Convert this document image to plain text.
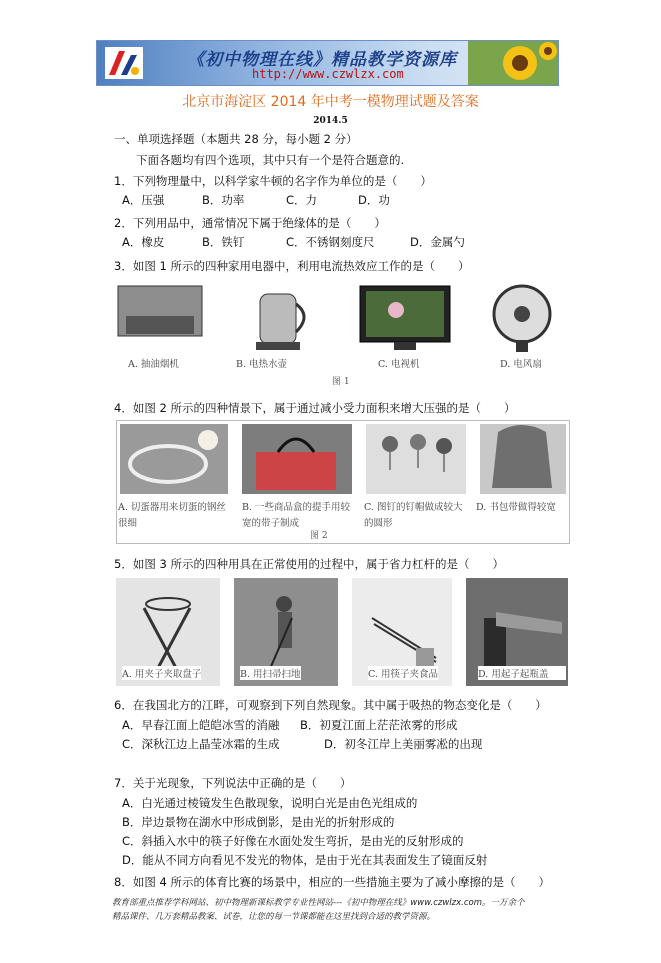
《初中物理在线》精品教学资源库
http://www.czwlzx.com
北京市海淀区 2014 年中考一模物理试题及答案
2014.5
一、单项选择题（本题共 28 分，每小题 2 分）
下面各题均有四个选项，其中只有一个是符合题意的.
1．下列物理量中，以科学家牛顿的名字作为单位的是（　　）
A．压强	B．功率	C．力	D．功
2．下列用品中，通常情况下属于绝缘体的是（　　）
A．橡皮	B．铁钉	C．不锈钢刻度尺	D．金属勺
3．如图 1 所示的四种家用电器中，利用电流热效应工作的是（　　）
A. 抽油烟机	B. 电热水壶	C. 电视机	D. 电风扇
图 1
4．如图 2 所示的四种情景下，属于通过减小受力面积来增大压强的是（　　）
A. 切蛋器用来切蛋的钢丝很细
B. 一些商品盒的提手用较宽的带子制成
C. 图钉的钉帽做成较大的圆形
D. 书包带做得较宽
图 2
5．如图 3 所示的四种用具在正常使用的过程中，属于省力杠杆的是（　　）
A. 用夹子夹取盘子	B. 用扫帚扫地	C. 用筷子夹食品	D. 用起子起瓶盖
6．在我国北方的冮畔，可观察到下列自然现象。其中属于吸热的物态变化是（　　）
A．早春江面上皑皑冰雪的消融 B．初夏江面上茫茫浓雾的形成
C．深秋江边上晶莹冰霜的生成	D．初冬江岸上美丽雾凇的出现
7．关于光现象，下列说法中正确的是（　　）
A．白光通过棱镜发生色散现象，说明白光是由色光组成的
B．岸边景物在湖水中形成倒影，是由光的折射形成的
C．斜插入水中的筷子好像在水面处发生弯折，是由光的反射形成的
D．能从不同方向看见不发光的物体，是由于光在其表面发生了镜面反射
8．如图 4 所示的体育比赛的场景中，相应的一些措施主要为了减小摩擦的是（　　）
教育部重点推荐学科网站、初中物理新课标教学专业性网站---《初中物理在线》www.czwlzx.com。一万余个
精品课件、几万套精品教案、试卷，让您的每一节课都能在这里找到合适的教学资源。
